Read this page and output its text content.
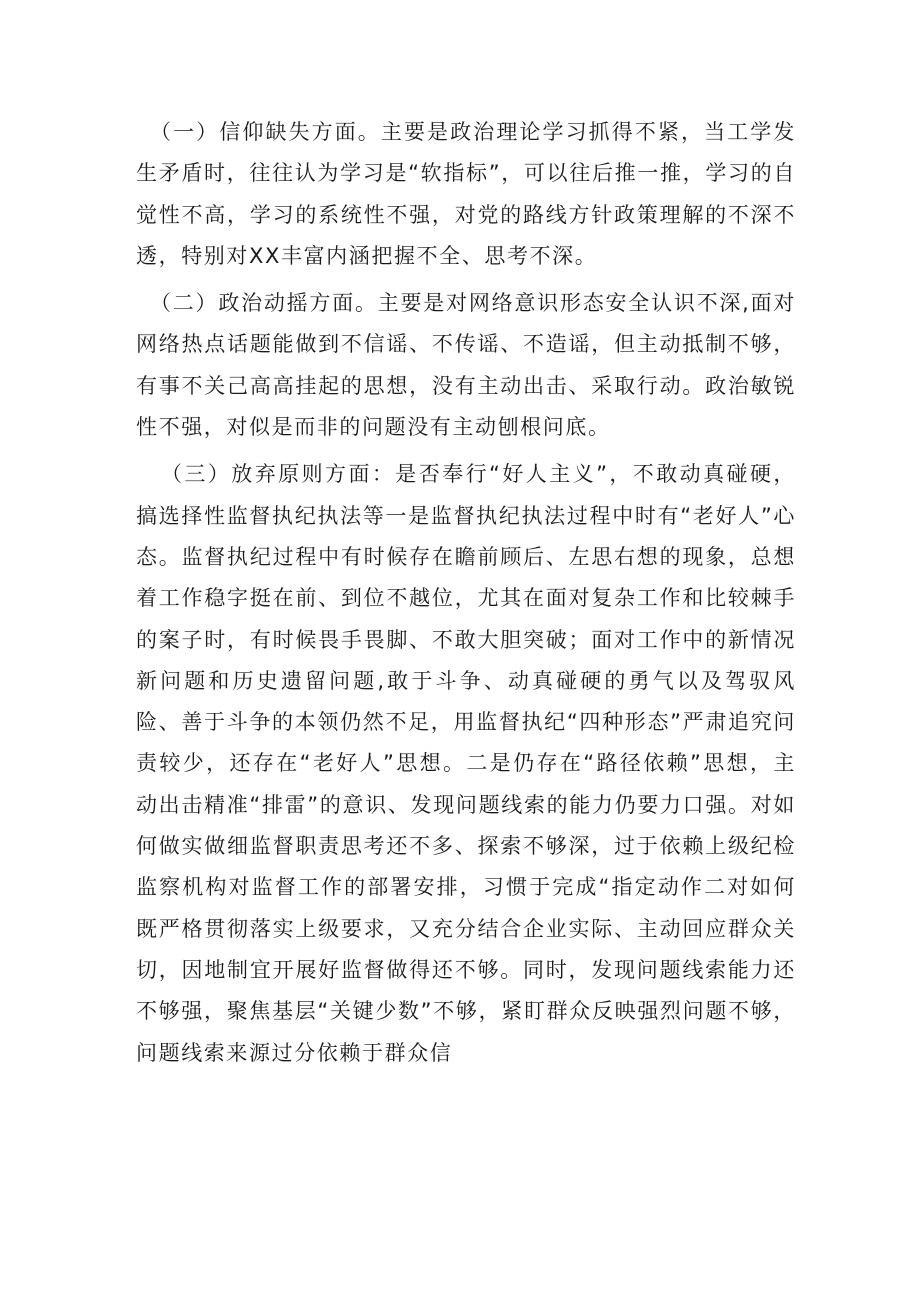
（一）信仰缺失方面。主要是政治理论学习抓得不紧，当工学发生矛盾时，往往认为学习是“软指标”，可以往后推一推，学习的自觉性不高，学习的系统性不强，对党的路线方针政策理解的不深不透，特别对XX丰富内涵把握不全、思考不深。

（二）政治动摇方面。主要是对网络意识形态安全认识不深,面对网络热点话题能做到不信谣、不传谣、不造谣，但主动抵制不够，有事不关己高高挂起的思想，没有主动出击、采取行动。政治敏锐性不强，对似是而非的问题没有主动刨根问底。

（三）放弃原则方面：是否奉行“好人主义”，不敢动真碰硬，搞选择性监督执纪执法等一是监督执纪执法过程中时有“老好人”心态。监督执纪过程中有时候存在瞻前顾后、左思右想的现象，总想着工作稳字挺在前、到位不越位，尤其在面对复杂工作和比较棘手的案子时，有时候畏手畏脚、不敢大胆突破；面对工作中的新情况新问题和历史遗留问题,敢于斗争、动真碰硬的勇气以及驾驭风险、善于斗争的本领仍然不足，用监督执纪“四种形态”严肃追究问责较少，还存在“老好人”思想。二是仍存在“路径依赖”思想，主动出击精准“排雷”的意识、发现问题线索的能力仍要力口强。对如何做实做细监督职责思考还不多、探索不够深，过于依赖上级纪检监察机构对监督工作的部署安排，习惯于完成“指定动作二对如何既严格贯彻落实上级要求，又充分结合企业实际、主动回应群众关切，因地制宜开展好监督做得还不够。同时，发现问题线索能力还不够强，聚焦基层“关键少数”不够，紧盯群众反映强烈问题不够，问题线索来源过分依赖于群众信
